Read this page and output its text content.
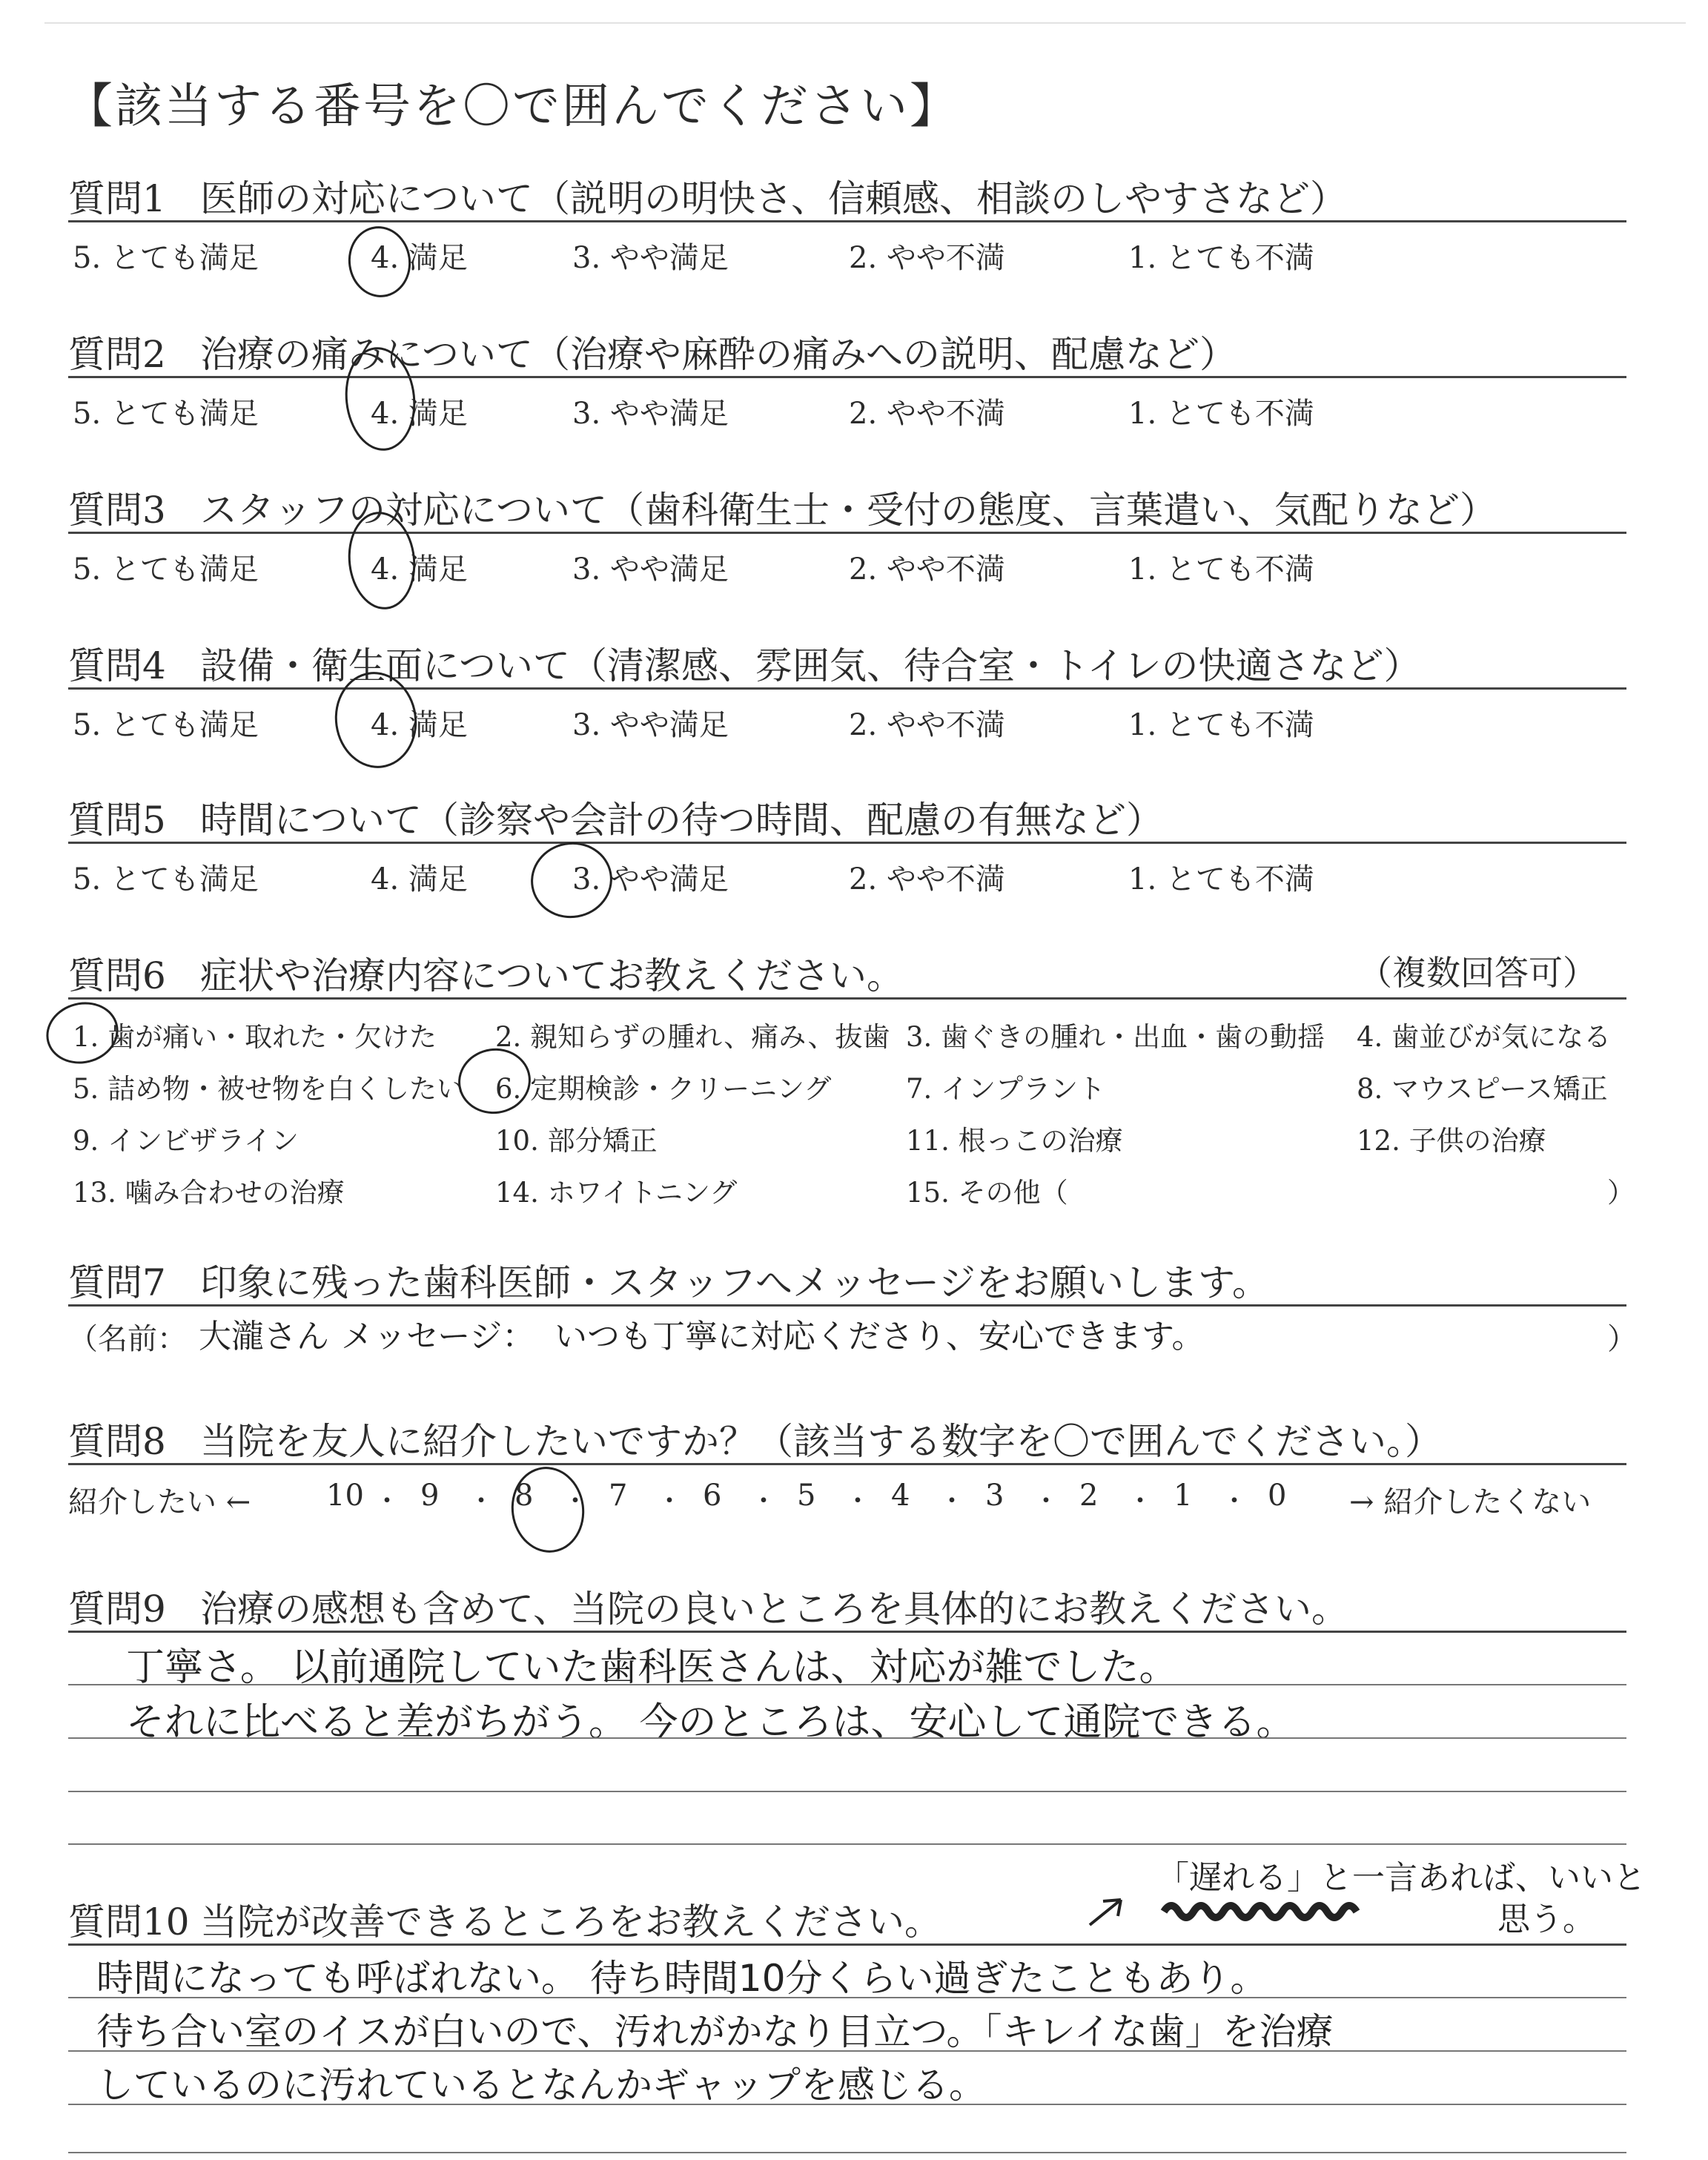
【該当する番号を〇で囲んでください】
質問1 医師の対応について（説明の明快さ、信頼感、相談のしやすさなど）
5. とても満足	4. 満足	3. やや満足	2. やや不満	1. とても不満
質問2 治療の痛みについて（治療や麻酔の痛みへの説明、配慮など）
5. とても満足	4. 満足	3. やや満足	2. やや不満	1. とても不満
質問3 スタッフの対応について（歯科衛生士・受付の態度、言葉遣い、気配りなど）
5. とても満足	4. 満足	3. やや満足	2. やや不満	1. とても不満
質問4 設備・衛生面について（清潔感、雰囲気、待合室・トイレの快適さなど）
5. とても満足	4. 満足	3. やや満足	2. やや不満	1. とても不満
質問5 時間について（診察や会計の待つ時間、配慮の有無など）
5. とても満足	4. 満足	3. やや満足	2. やや不満	1. とても不満
質問6 症状や治療内容についてお教えください。	（複数回答可）
1. 歯が痛い・取れた・欠けた 2. 親知らずの腫れ、痛み、抜歯 3. 歯ぐきの腫れ・出血・歯の動揺 4. 歯並びが気になる
5. 詰め物・被せ物を白くしたい 6. 定期検診・クリーニング	7. インプラント	8. マウスピース矯正
9. インビザライン	10. 部分矯正	11. 根っこの治療	12. 子供の治療
13. 噛み合わせの治療	14. ホワイトニング	15. その他（	）
質問7 印象に残った歯科医師・スタッフへメッセージをお願いします。
（名前： 大瀧さん メッセージ： いつも丁寧に対応くださり、安心できます。	）
質問8 当院を友人に紹介したいですか？（該当する数字を〇で囲んでください。）
紹介したい ←	10 ・ 9 ・ 8 ・ 7 ・ 6 ・ 5 ・ 4 ・ 3 ・ 2 ・ 1 ・ 0 → 紹介したくない
質問9 治療の感想も含めて、当院の良いところを具体的にお教えください。
丁寧さ。 以前通院していた歯科医さんは、対応が雑でした。
それに比べると差がちがう。 今のところは、安心して通院できる。
「遅れる」と一言あれば、いいと
思う。
質問10 当院が改善できるところをお教えください。
時間になっても呼ばれない。 待ち時間10分くらい過ぎたこともあり。
待ち合い室のイスが白いので、汚れがかなり目立つ。「キレイな歯」を治療
しているのに汚れているとなんかギャップを感じる。
